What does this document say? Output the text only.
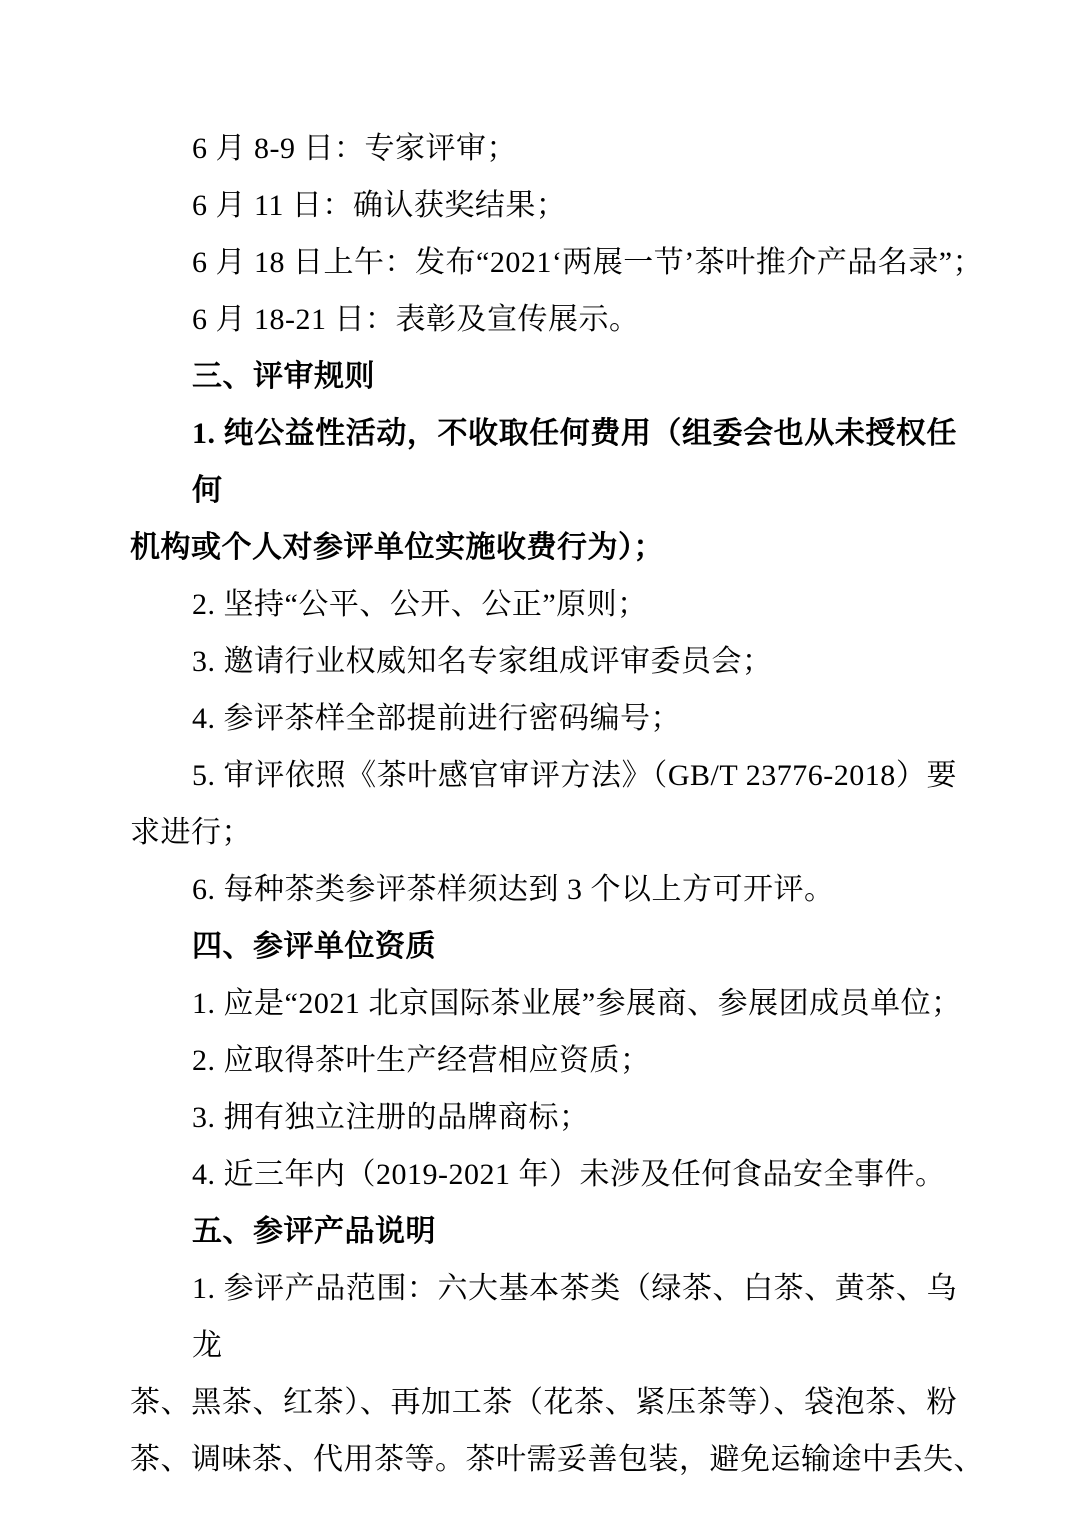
6 月 8-9 日：专家评审；
6 月 11 日：确认获奖结果；
6 月 18 日上午：发布“2021‘两展一节’茶叶推介产品名录”；
6 月 18-21 日：表彰及宣传展示。
三、评审规则
1. 纯公益性活动，不收取任何费用（组委会也从未授权任何
机构或个人对参评单位实施收费行为）；
2. 坚持“公平、公开、公正”原则；
3. 邀请行业权威知名专家组成评审委员会；
4. 参评茶样全部提前进行密码编号；
5. 审评依照《茶叶感官审评方法》（GB/T 23776-2018）要
求进行；
6. 每种茶类参评茶样须达到 3 个以上方可开评。
四、参评单位资质
1. 应是“2021 北京国际茶业展”参展商、参展团成员单位；
2. 应取得茶叶生产经营相应资质；
3. 拥有独立注册的品牌商标；
4. 近三年内（2019-2021 年）未涉及任何食品安全事件。
五、参评产品说明
1. 参评产品范围：六大基本茶类（绿茶、白茶、黄茶、乌龙
茶、黑茶、红茶）、再加工茶（花茶、紧压茶等）、袋泡茶、粉
茶、调味茶、代用茶等。茶叶需妥善包装，避免运输途中丢失、
